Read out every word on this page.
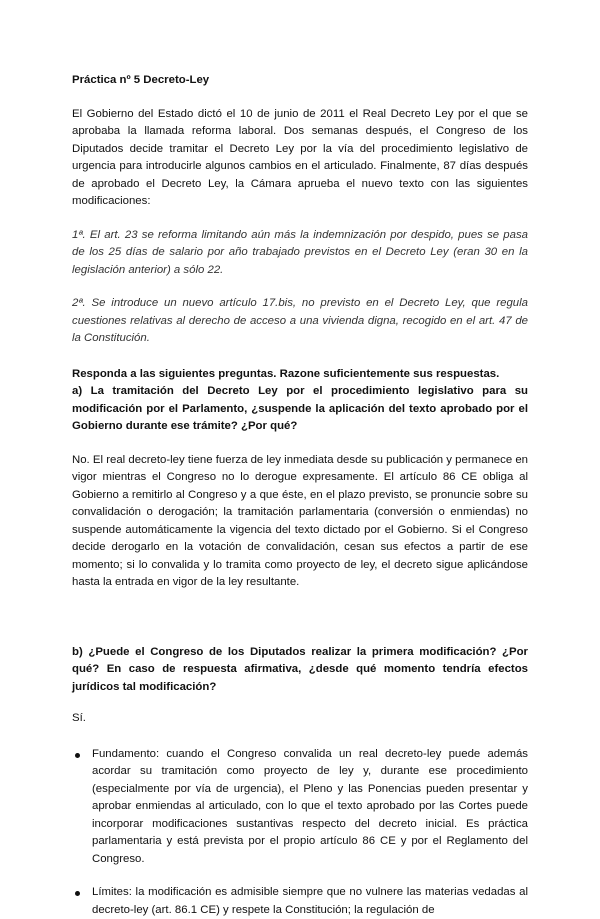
Práctica nº 5 Decreto-Ley

El Gobierno del Estado dictó el 10 de junio de 2011 el Real Decreto Ley por el que se aprobaba la llamada reforma laboral. Dos semanas después, el Congreso de los Diputados decide tramitar el Decreto Ley por la vía del procedimiento legislativo de urgencia para introducirle algunos cambios en el articulado. Finalmente, 87 días después de aprobado el Decreto Ley, la Cámara aprueba el nuevo texto con las siguientes modificaciones:

1ª. El art. 23 se reforma limitando aún más la indemnización por despido, pues se pasa de los 25 días de salario por año trabajado previstos en el Decreto Ley (eran 30 en la legislación anterior) a sólo 22.

2ª. Se introduce un nuevo artículo 17.bis, no previsto en el Decreto Ley, que regula cuestiones relativas al derecho de acceso a una vivienda digna, recogido en el art. 47 de la Constitución.

Responda a las siguientes preguntas. Razone suficientemente sus respuestas.

a) La tramitación del Decreto Ley por el procedimiento legislativo para su modificación por el Parlamento, ¿suspende la aplicación del texto aprobado por el Gobierno durante ese trámite? ¿Por qué?

No. El real decreto-ley tiene fuerza de ley inmediata desde su publicación y permanece en vigor mientras el Congreso no lo derogue expresamente. El artículo 86 CE obliga al Gobierno a remitirlo al Congreso y a que éste, en el plazo previsto, se pronuncie sobre su convalidación o derogación; la tramitación parlamentaria (conversión o enmiendas) no suspende automáticamente la vigencia del texto dictado por el Gobierno. Si el Congreso decide derogarlo en la votación de convalidación, cesan sus efectos a partir de ese momento; si lo convalida y lo tramita como proyecto de ley, el decreto sigue aplicándose hasta la entrada en vigor de la ley resultante.

b) ¿Puede el Congreso de los Diputados realizar la primera modificación? ¿Por qué? En caso de respuesta afirmativa, ¿desde qué momento tendría efectos jurídicos tal modificación?

Sí.

Fundamento: cuando el Congreso convalida un real decreto-ley puede además acordar su tramitación como proyecto de ley y, durante ese procedimiento (especialmente por vía de urgencia), el Pleno y las Ponencias pueden presentar y aprobar enmiendas al articulado, con lo que el texto aprobado por las Cortes puede incorporar modificaciones sustantivas respecto del decreto inicial. Es práctica parlamentaria y está prevista por el propio artículo 86 CE y por el Reglamento del Congreso.
Límites: la modificación es admisible siempre que no vulnere las materias vedadas al decreto-ley (art. 86.1 CE) y respete la Constitución; la regulación de
